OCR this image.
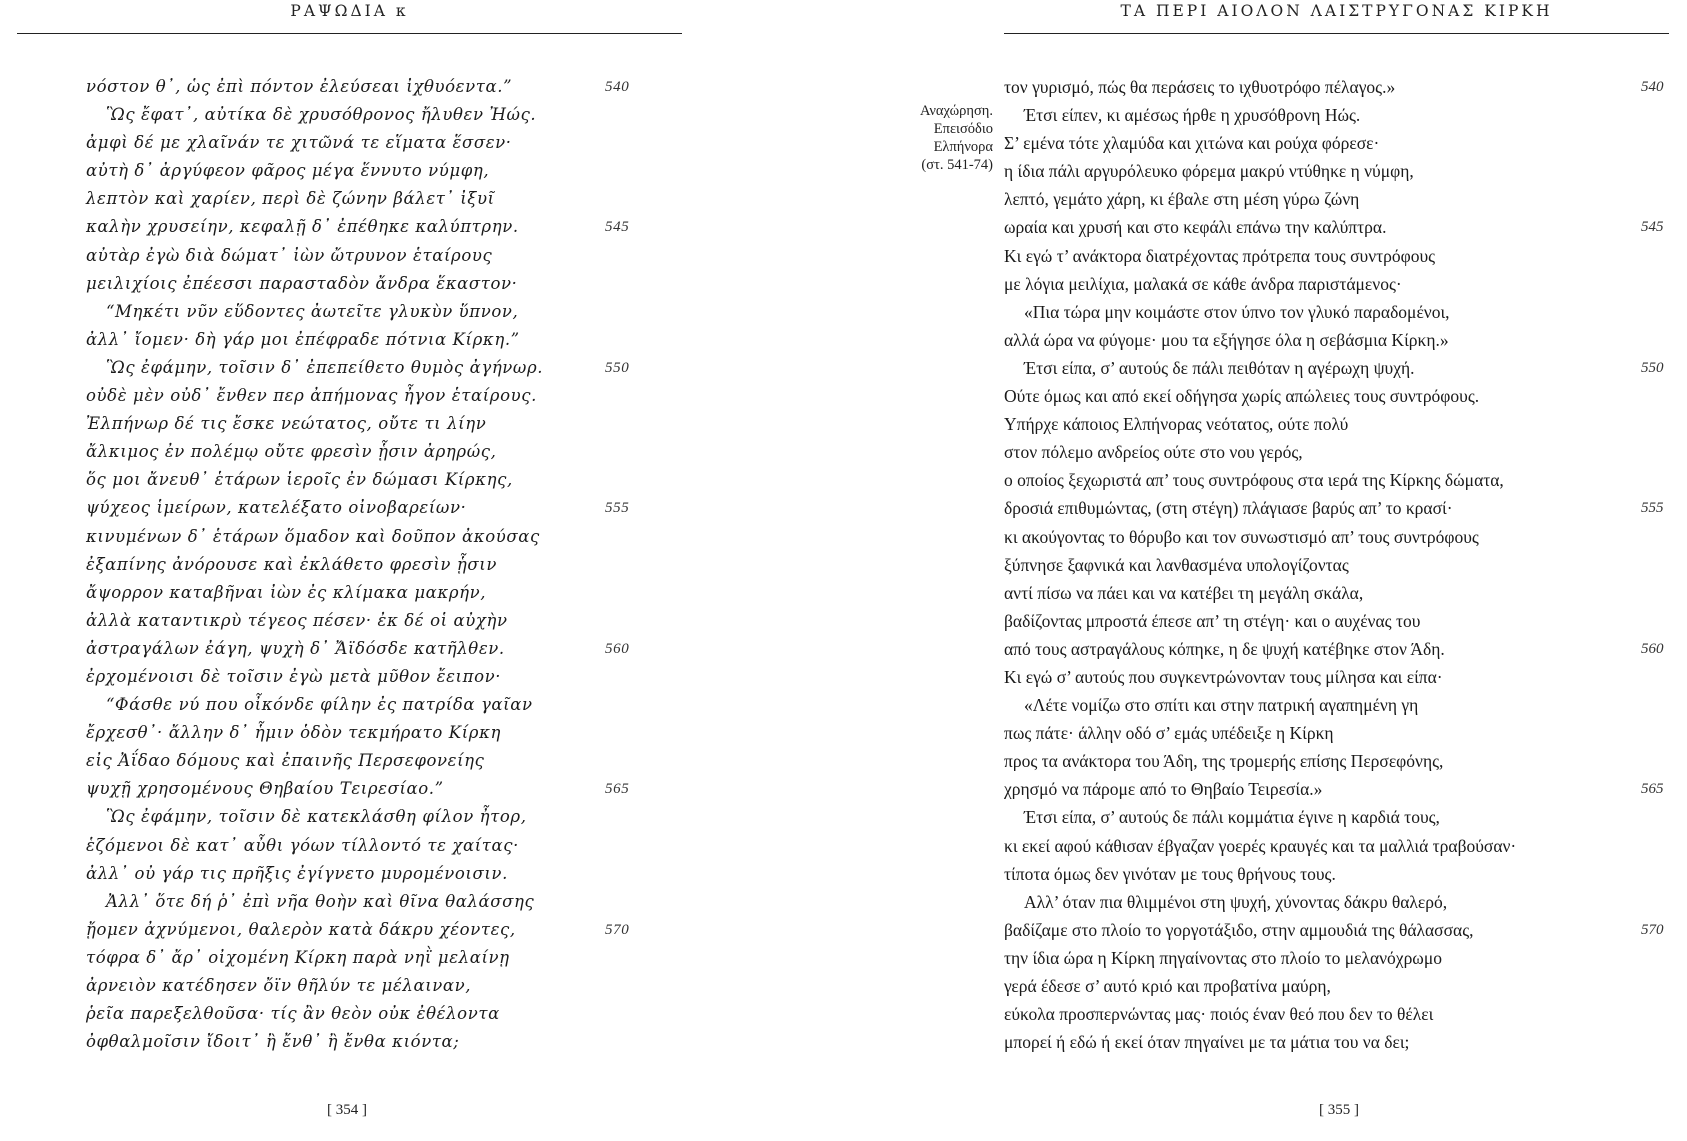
ΡΑΨΩΔΙΑ κ
νόστον θ᾽, ὡς ἐπὶ πόντον ἐλεύσεαι ἰχθυόεντα.”	540
Ὣς ἔφατ᾽, αὐτίκα δὲ χρυσόθρονος ἤλυθεν Ἠώς.
ἀμφὶ δέ με χλαῖνάν τε χιτῶνά τε εἵματα ἕσσεν·
αὐτὴ δ᾽ ἀργύφεον φᾶρος μέγα ἕννυτο νύμφη,
λεπτὸν καὶ χαρίεν, περὶ δὲ ζώνην βάλετ᾽ ἰξυῖ
καλὴν χρυσείην, κεφαλῇ δ᾽ ἐπέθηκε καλύπτρην.	545
αὐτὰρ ἐγὼ διὰ δώματ᾽ ἰὼν ὤτρυνον ἑταίρους
μειλιχίοις ἐπέεσσι παρασταδὸν ἄνδρα ἕκαστον·
“Μηκέτι νῦν εὕδοντες ἀωτεῖτε γλυκὺν ὕπνον,
ἀλλ᾽ ἴομεν· δὴ γάρ μοι ἐπέφραδε πότνια Κίρκη.”
Ὣς ἐφάμην, τοῖσιν δ᾽ ἐπεπείθετο θυμὸς ἀγήνωρ.	550
οὐδὲ μὲν οὐδ᾽ ἔνθεν περ ἀπήμονας ἦγον ἑταίρους.
Ἐλπήνωρ δέ τις ἔσκε νεώτατος, οὔτε τι λίην
ἄλκιμος ἐν πολέμῳ οὔτε φρεσὶν ᾗσιν ἀρηρώς,
ὅς μοι ἄνευθ᾽ ἑτάρων ἱεροῖς ἐν δώμασι Κίρκης,
ψύχεος ἱμείρων, κατελέξατο οἰνοβαρείων·	555
κινυμένων δ᾽ ἑτάρων ὅμαδον καὶ δοῦπον ἀκούσας
ἐξαπίνης ἀνόρουσε καὶ ἐκλάθετο φρεσὶν ᾗσιν
ἄψορρον καταβῆναι ἰὼν ἐς κλίμακα μακρήν,
ἀλλὰ καταντικρὺ τέγεος πέσεν· ἐκ δέ οἱ αὐχὴν
ἀστραγάλων ἐάγη, ψυχὴ δ᾽ Ἄϊδόσδε κατῆλθεν.	560
ἐρχομένοισι δὲ τοῖσιν ἐγὼ μετὰ μῦθον ἔειπον·
“Φάσθε νύ που οἶκόνδε φίλην ἐς πατρίδα γαῖαν
ἔρχεσθ᾽· ἄλλην δ᾽ ἧμιν ὁδὸν τεκμήρατο Κίρκη
εἰς Ἀΐδαο δόμους καὶ ἐπαινῆς Περσεφονείης
ψυχῇ χρησομένους Θηβαίου Τειρεσίαο.”	565
Ὣς ἐφάμην, τοῖσιν δὲ κατεκλάσθη φίλον ἦτορ,
ἑζόμενοι δὲ κατ᾽ αὖθι γόων τίλλοντό τε χαίτας·
ἀλλ᾽ οὐ γάρ τις πρῆξις ἐγίγνετο μυρομένοισιν.
Ἀλλ᾽ ὅτε δή ῥ᾽ ἐπὶ νῆα θοὴν καὶ θῖνα θαλάσσης
ᾔομεν ἀχνύμενοι, θαλερὸν κατὰ δάκρυ χέοντες,	570
τόφρα δ᾽ ἄρ᾽ οἰχομένη Κίρκη παρὰ νηῒ μελαίνῃ
ἀρνειὸν κατέδησεν ὄϊν θῆλύν τε μέλαιναν,
ῥεῖα παρεξελθοῦσα· τίς ἂν θεὸν οὐκ ἐθέλοντα
ὀφθαλμοῖσιν ἴδοιτ᾽ ἢ ἔνθ᾽ ἢ ἔνθα κιόντα;
[ 354 ]
ΤΑ ΠΕΡΙ ΑΙΟΛΟΝ ΛΑΙΣΤΡΥΓΟΝΑΣ ΚΙΡΚΗ
Αναχώρηση.
Επεισόδιο
Ελπήνορα
(στ. 541-74)
τον γυρισμό, πώς θα περάσεις το ιχθυοτρόφο πέλαγος.»	540
Έτσι είπεν, κι αμέσως ήρθε η χρυσόθρονη Ηώς.
Σ’ εμένα τότε χλαμύδα και χιτώνα και ρούχα φόρεσε·
η ίδια πάλι αργυρόλευκο φόρεμα μακρύ ντύθηκε η νύμφη,
λεπτό, γεμάτο χάρη, κι έβαλε στη μέση γύρω ζώνη
ωραία και χρυσή και στο κεφάλι επάνω την καλύπτρα.	545
Κι εγώ τ’ ανάκτορα διατρέχοντας πρότρεπα τους συντρόφους
με λόγια μειλίχια, μαλακά σε κάθε άνδρα παριστάμενος·
«Πια τώρα μην κοιμάστε στον ύπνο τον γλυκό παραδομένοι,
αλλά ώρα να φύγομε· μου τα εξήγησε όλα η σεβάσμια Κίρκη.»
Έτσι είπα, σ’ αυτούς δε πάλι πειθόταν η αγέρωχη ψυχή.	550
Ούτε όμως και από εκεί οδήγησα χωρίς απώλειες τους συντρόφους.
Υπήρχε κάποιος Ελπήνορας νεότατος, ούτε πολύ
στον πόλεμο ανδρείος ούτε στο νου γερός,
ο οποίος ξεχωριστά απ’ τους συντρόφους στα ιερά της Κίρκης δώματα,
δροσιά επιθυμώντας, (στη στέγη) πλάγιασε βαρύς απ’ το κρασί·	555
κι ακούγοντας το θόρυβο και τον συνωστισμό απ’ τους συντρόφους
ξύπνησε ξαφνικά και λανθασμένα υπολογίζοντας
αντί πίσω να πάει και να κατέβει τη μεγάλη σκάλα,
βαδίζοντας μπροστά έπεσε απ’ τη στέγη· και ο αυχένας του
από τους αστραγάλους κόπηκε, η δε ψυχή κατέβηκε στον Άδη.	560
Κι εγώ σ’ αυτούς που συγκεντρώνονταν τους μίλησα και είπα·
«Λέτε νομίζω στο σπίτι και στην πατρική αγαπημένη γη
πως πάτε· άλλην οδό σ’ εμάς υπέδειξε η Κίρκη
προς τα ανάκτορα του Άδη, της τρομερής επίσης Περσεφόνης,
χρησμό να πάρομε από το Θηβαίο Τειρεσία.»	565
Έτσι είπα, σ’ αυτούς δε πάλι κομμάτια έγινε η καρδιά τους,
κι εκεί αφού κάθισαν έβγαζαν γοερές κραυγές και τα μαλλιά τραβούσαν·
τίποτα όμως δεν γινόταν με τους θρήνους τους.
Αλλ’ όταν πια θλιμμένοι στη ψυχή, χύνοντας δάκρυ θαλερό,
βαδίζαμε στο πλοίο το γοργοτάξιδο, στην αμμουδιά της θάλασσας,	570
την ίδια ώρα η Κίρκη πηγαίνοντας στο πλοίο το μελανόχρωμο
γερά έδεσε σ’ αυτό κριό και προβατίνα μαύρη,
εύκολα προσπερνώντας μας· ποιός έναν θεό που δεν το θέλει
μπορεί ή εδώ ή εκεί όταν πηγαίνει με τα μάτια του να δει;
[ 355 ]
